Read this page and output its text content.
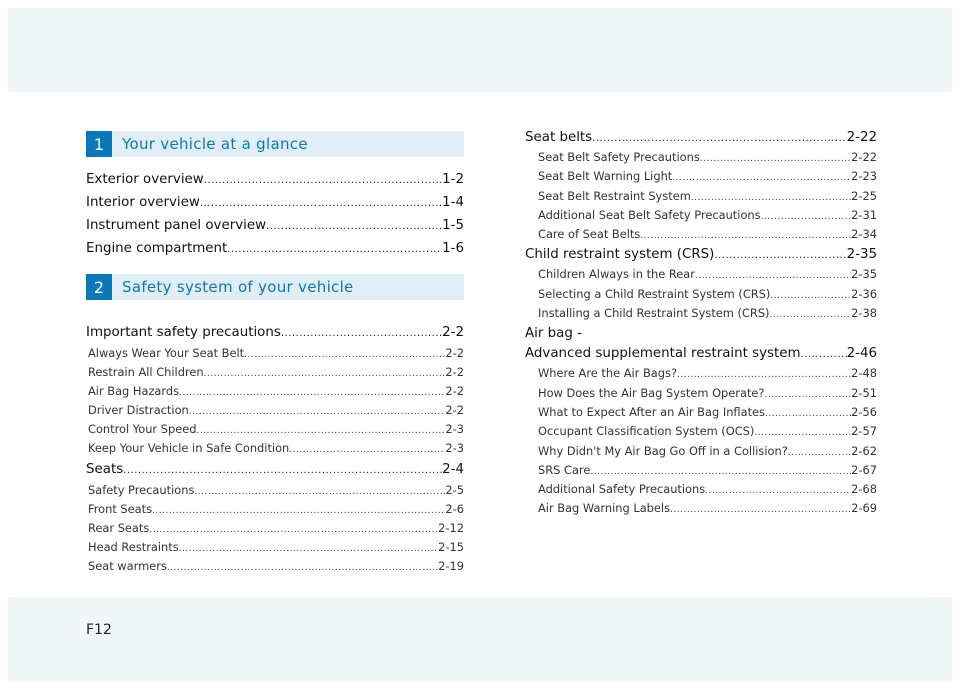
F12
1	Your vehicle at a glance
Exterior overview .....	1-2
Interior overview .....	1-4
Instrument panel overview .....	1-5
Engine compartment .....	1-6
2	Safety system of your vehicle
Important safety precautions .....	2-2
Always Wear Your Seat Belt .....	2-2
Restrain All Children .....	2-2
Air Bag Hazards .....	2-2
Driver Distraction .....	2-2
Control Your Speed .....	2-3
Keep Your Vehicle in Safe Condition .....	2-3
Seats .....	2-4
Safety Precautions .....	2-5
Front Seats .....	2-6
Rear Seats .....	2-12
Head Restraints .....	2-15
Seat warmers .....	2-19
Seat belts .....	2-22
Seat Belt Safety Precautions .....	2-22
Seat Belt Warning Light .....	2-23
Seat Belt Restraint System .....	2-25
Additional Seat Belt Safety Precautions .....	2-31
Care of Seat Belts .....	2-34
Child restraint system (CRS) .....	2-35
Children Always in the Rear .....	2-35
Selecting a Child Restraint System (CRS) .....	2-36
Installing a Child Restraint System (CRS) .....	2-38
Air bag -
Advanced supplemental restraint system .....	2-46
Where Are the Air Bags? .....	2-48
How Does the Air Bag System Operate? .....	2-51
What to Expect After an Air Bag Inflates .....	2-56
Occupant Classification System (OCS) .....	2-57
Why Didn't My Air Bag Go Off in a Collision? .....	2-62
SRS Care .....	2-67
Additional Safety Precautions .....	2-68
Air Bag Warning Labels .....	2-69
